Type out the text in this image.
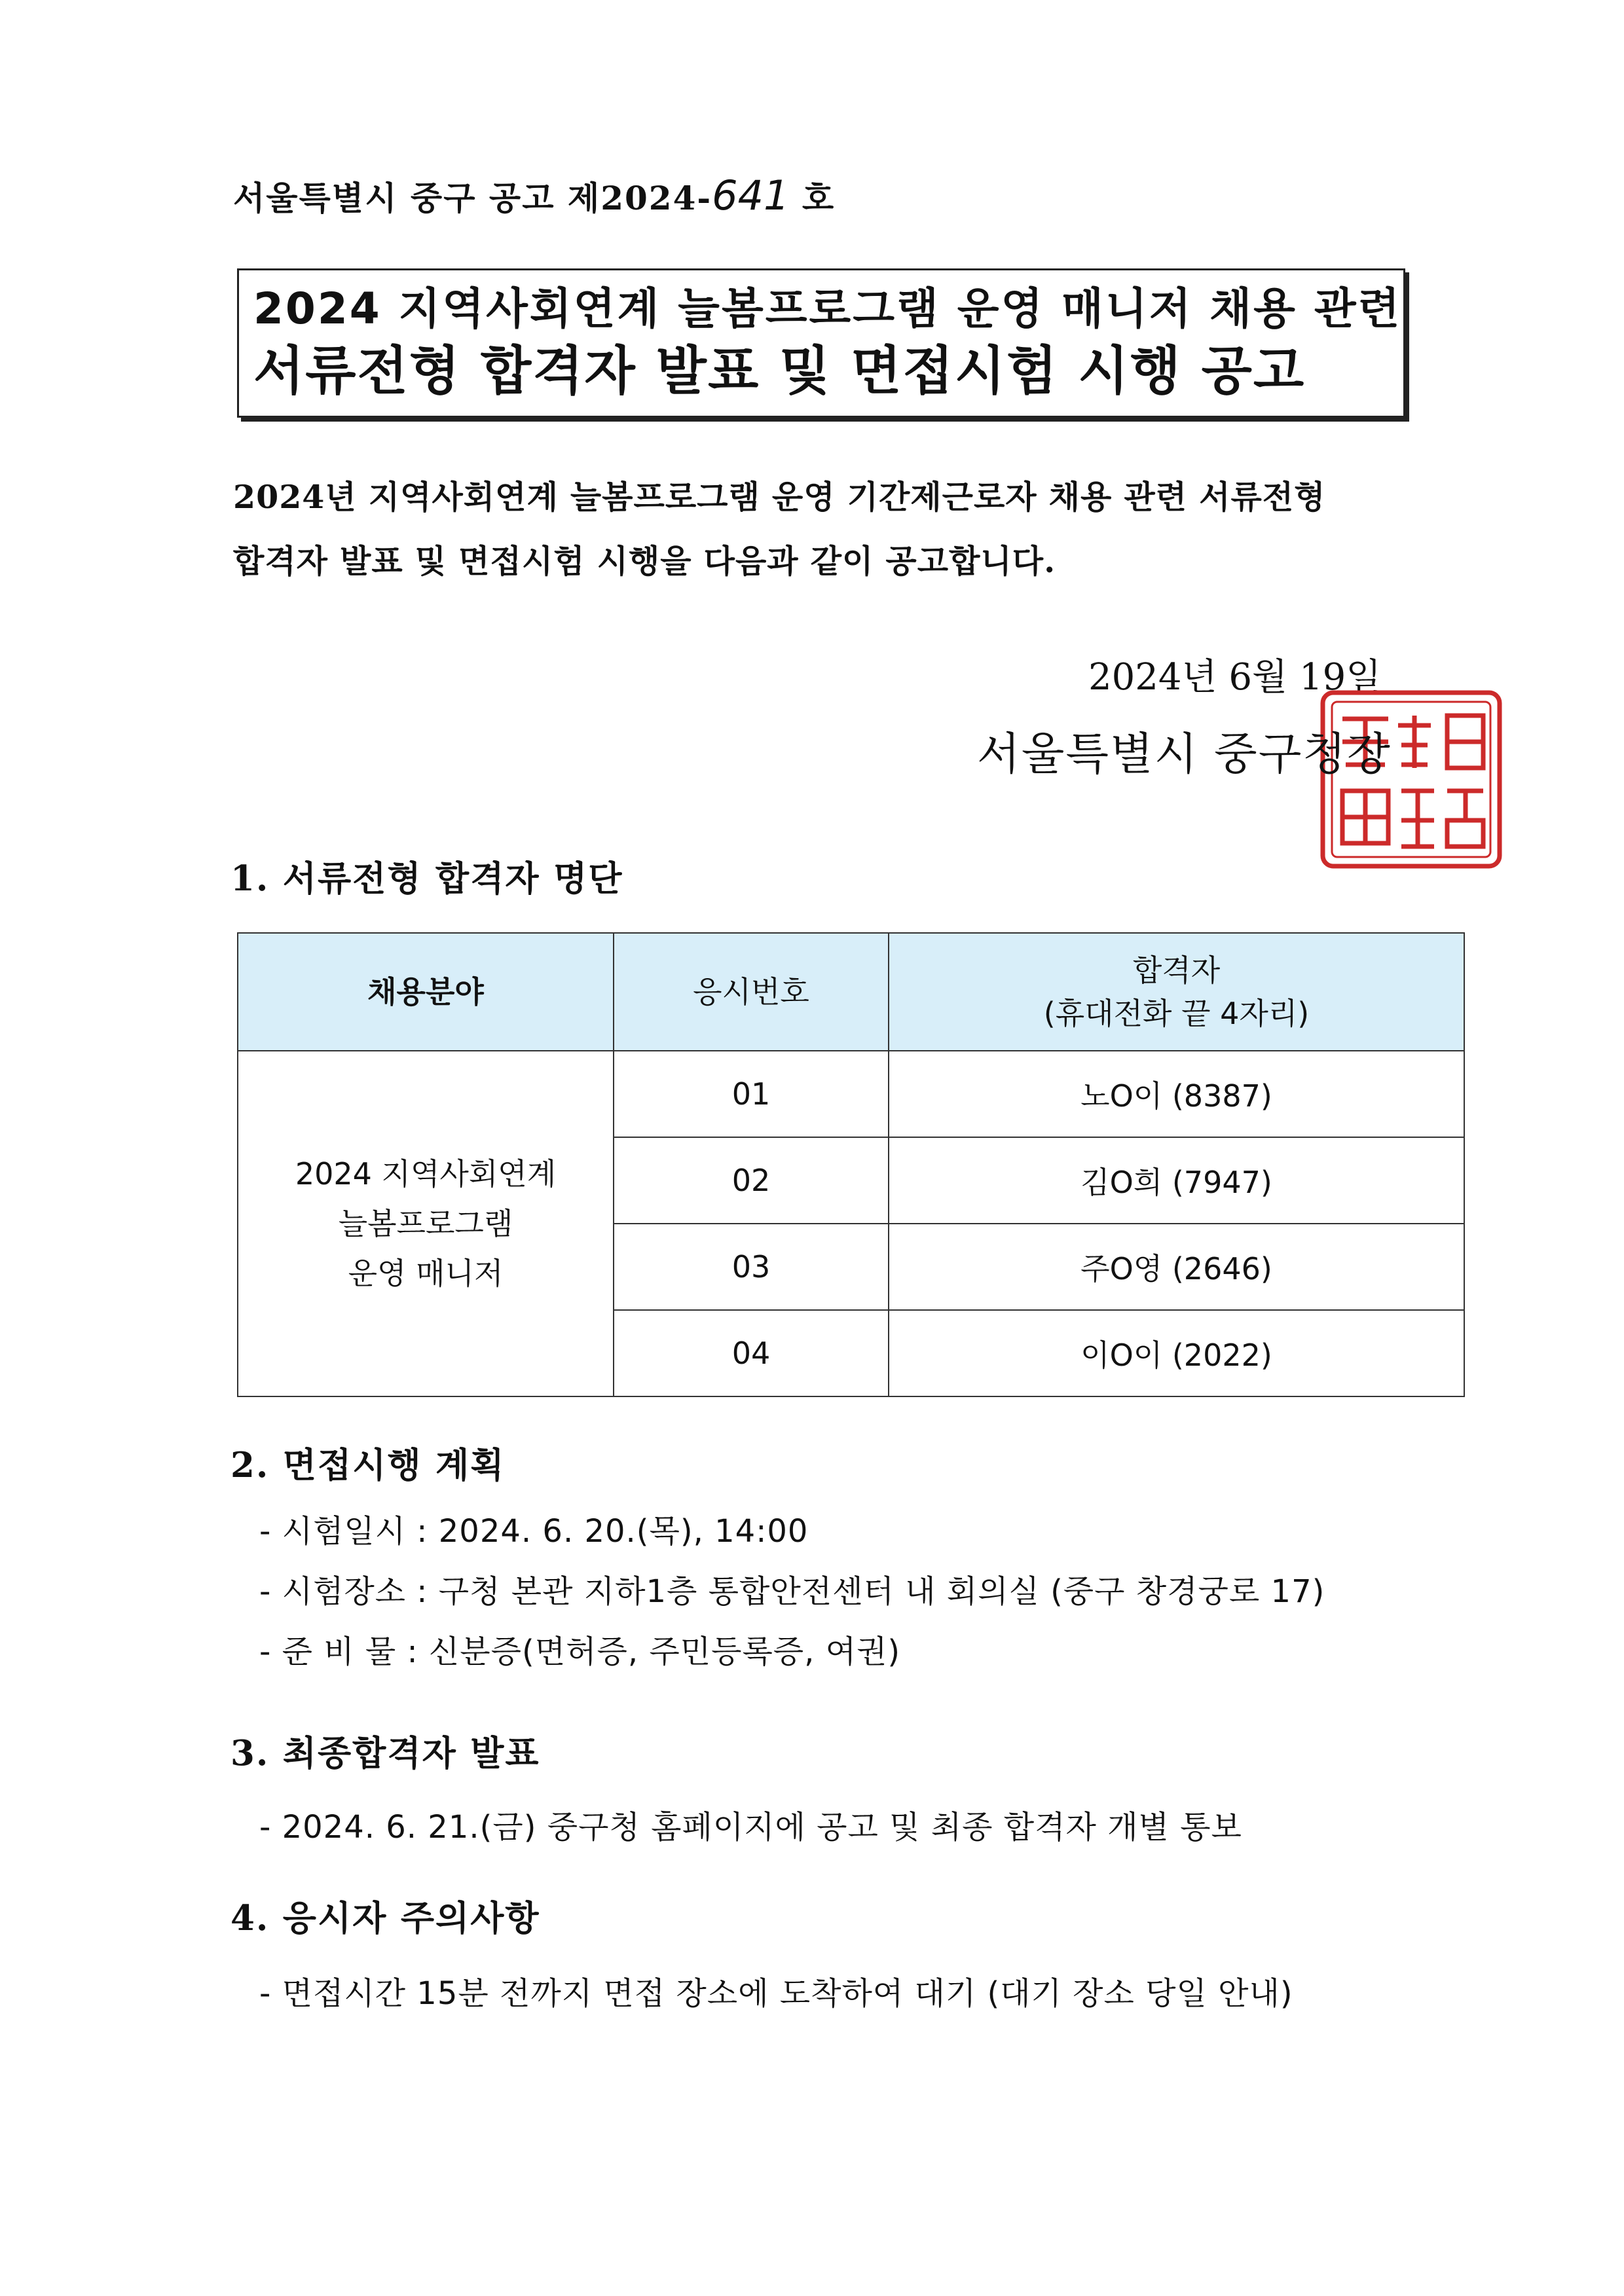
서울특별시 중구 공고 제2024-641 호
2024 지역사회연계 늘봄프로그램 운영 매니저 채용 관련
서류전형 합격자 발표 및 면접시험 시행 공고

2024년 지역사회연계 늘봄프로그램 운영 기간제근로자 채용 관련 서류전형

합격자 발표 및 면접시험 시행을 다음과 같이 공고합니다.

2024년 6월 19일
서울특별시 중구청장
1. 서류전형 합격자 명단
채용분야	응시번호	합격자
(휴대전화 끝 4자리)

2024 지역사회연계
늘봄프로그램
운영 매니저	01	노O이 (8387)
	02	김O희 (7947)
	03	주O영 (2646)
	04	이O이 (2022)
2. 면접시행 계획
- 시험일시 : 2024. 6. 20.(목), 14:00
- 시험장소 : 구청 본관 지하1층 통합안전센터 내 회의실 (중구 창경궁로 17)
- 준 비 물 : 신분증(면허증, 주민등록증, 여권)
3. 최종합격자 발표
- 2024. 6. 21.(금) 중구청 홈페이지에 공고 및 최종 합격자 개별 통보
4. 응시자 주의사항
- 면접시간 15분 전까지 면접 장소에 도착하여 대기 (대기 장소 당일 안내)
